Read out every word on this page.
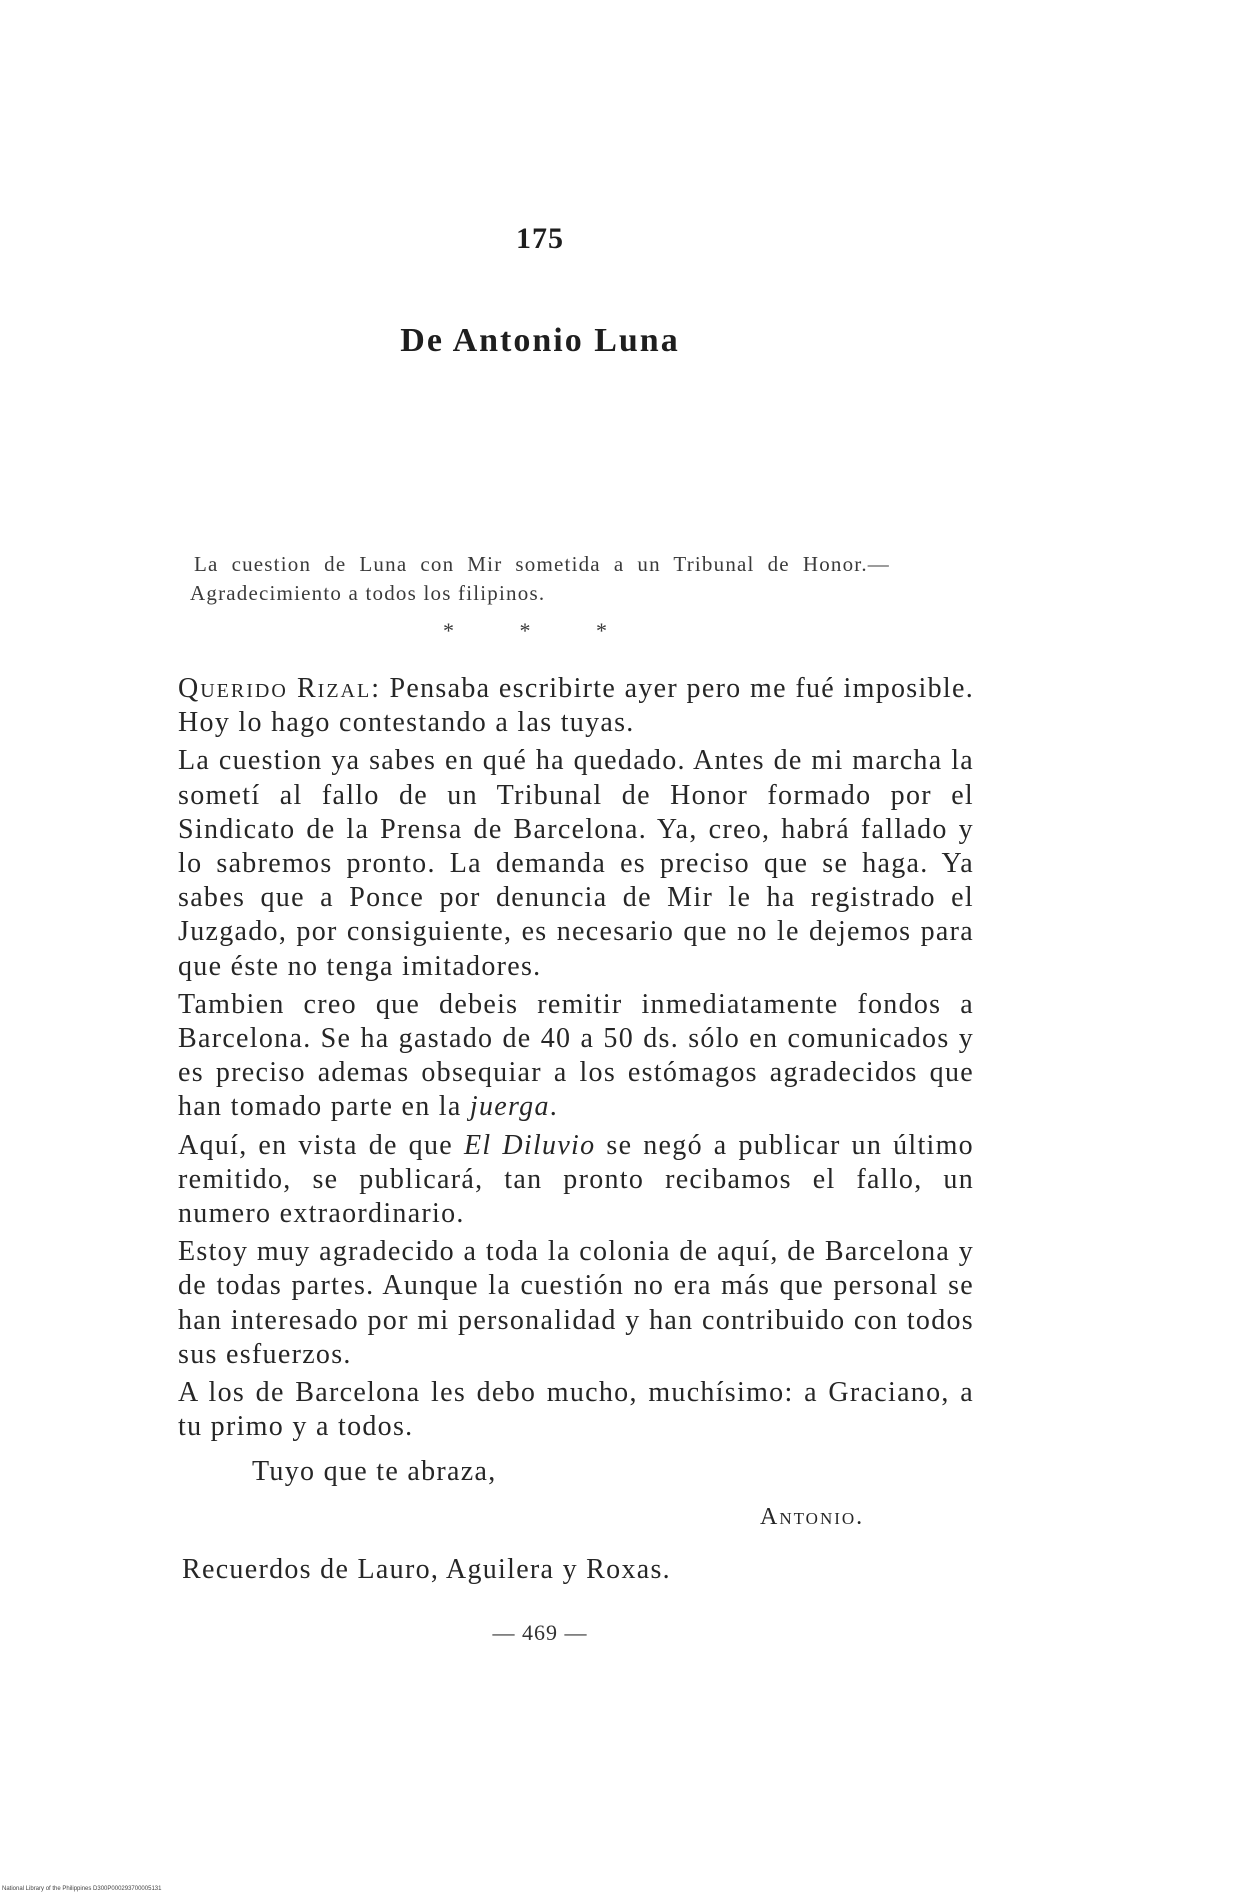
175
De Antonio Luna
La cuestion de Luna con Mir sometida a un Tribunal de Honor.— Agradecimiento a todos los filipinos.
* * *

Querido Rizal: Pensaba escribirte ayer pero me fué imposible. Hoy lo hago contestando a las tuyas.

La cuestion ya sabes en qué ha quedado. Antes de mi marcha la sometí al fallo de un Tribunal de Honor formado por el Sindicato de la Prensa de Barcelona. Ya, creo, habrá fallado y lo sabremos pronto. La demanda es preciso que se haga. Ya sabes que a Ponce por denuncia de Mir le ha registrado el Juzgado, por consiguiente, es necesario que no le dejemos para que éste no tenga imitadores.

Tambien creo que debeis remitir inmediatamente fondos a Barcelona. Se ha gastado de 40 a 50 ds. sólo en comunicados y es preciso ademas obsequiar a los estómagos agradecidos que han tomado parte en la juerga.

Aquí, en vista de que El Diluvio se negó a publicar un último remitido, se publicará, tan pronto recibamos el fallo, un numero extraordinario.

Estoy muy agradecido a toda la colonia de aquí, de Barcelona y de todas partes. Aunque la cuestión no era más que personal se han interesado por mi personalidad y han contribuido con todos sus esfuerzos.

A los de Barcelona les debo mucho, muchísimo: a Graciano, a tu primo y a todos.

Tuyo que te abraza,
Antonio.
Recuerdos de Lauro, Aguilera y Roxas.
— 469 —
National Library of the Philippines D300P000293700005131
